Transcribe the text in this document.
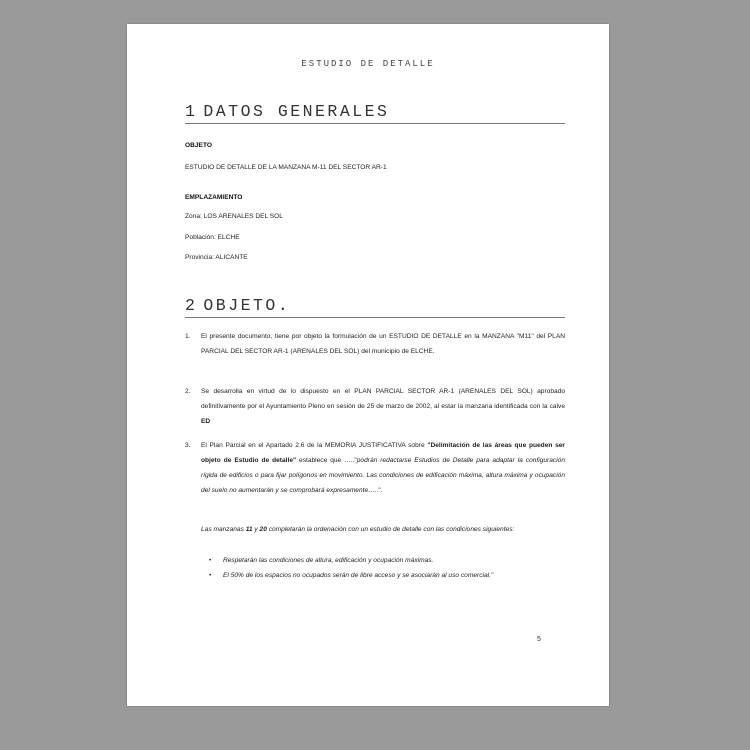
ESTUDIO DE DETALLE
1 DATOS GENERALES
OBJETO
ESTUDIO DE DETALLE DE LA MANZANA M-11 DEL SECTOR AR-1
EMPLAZAMIENTO
Zona: LOS ARENALES DEL SOL
Población: ELCHE
Provincia: ALICANTE
2 OBJETO.
1. El presente documento, tiene por objeto la formulación de un ESTUDIO DE DETALLE en la MANZANA "M11" del PLAN PARCIAL DEL SECTOR AR-1 (ARENALES DEL SOL) del municipio de ELCHE.
2. Se desarrolla en virtud de lo dispuesto en el PLAN PARCIAL SECTOR AR-1 (ARENALES DEL SOL) aprobado definitivamente por el Ayuntamiento Pleno en sesión de 25 de marzo de 2002, al estar la manzana identificada con la calve ED
3. El Plan Parcial en el Apartado 2.6 de la MEMORIA JUSTIFICATIVA sobre "Delimitación de las áreas que pueden ser objeto de Estudio de detalle" establece que ….."podrán redactarse Estudios de Detalle para adaptar la configuración rígida de edificios o para fijar polígonos en movimiento. Las condiciones de edificación máxima, altura máxima y ocupación del suelo no aumentarán y se comprobará expresamente…..".
Las manzanas 11 y 20 completarán la ordenación con un estudio de detalle con las condiciones siguientes:
• Respetarán las condiciones de altura, edificación y ocupación máximas.
• El 50% de los espacios no ocupados serán de libre acceso y se asociarán al uso comercial."
5
